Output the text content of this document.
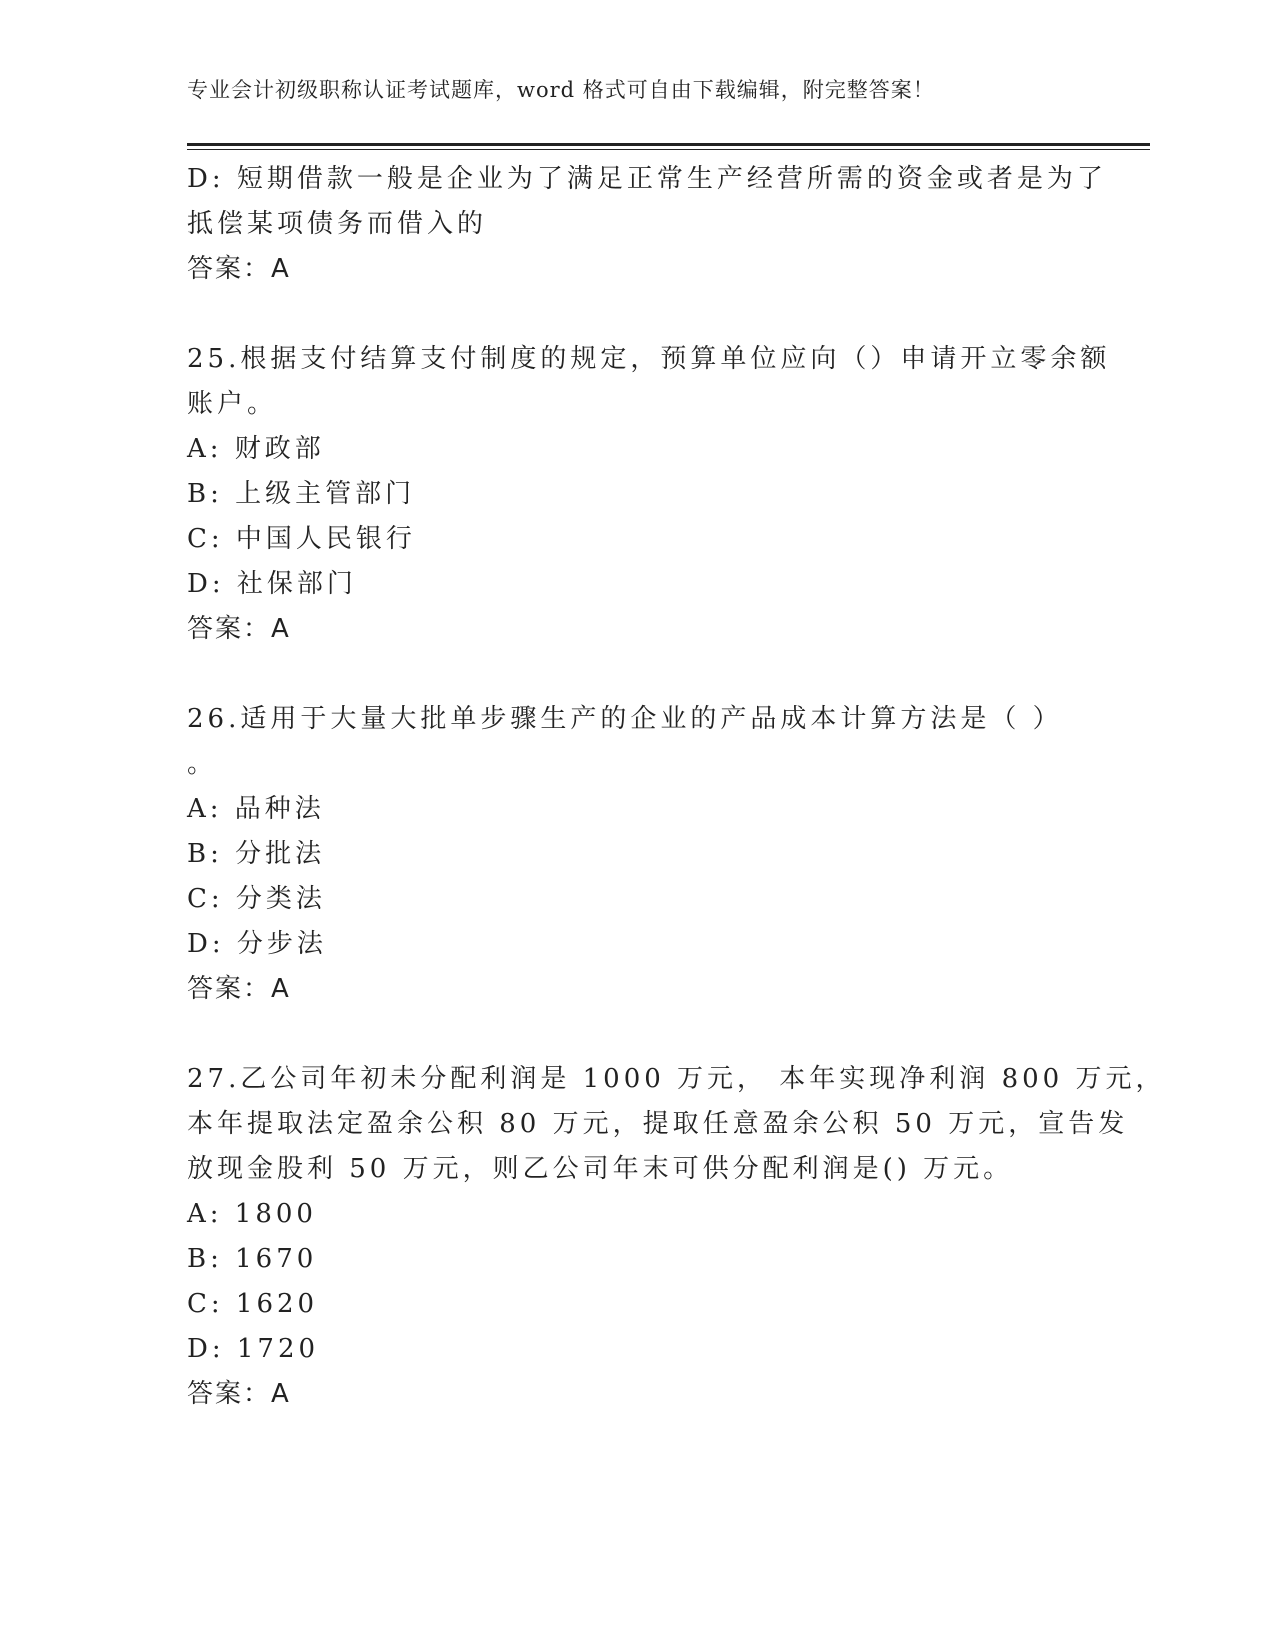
专业会计初级职称认证考试题库，word 格式可自由下载编辑，附完整答案！
D: 短期借款一般是企业为了满足正常生产经营所需的资金或者是为了
抵偿某项债务而借入的
答案：A
25.根据支付结算支付制度的规定，预算单位应向（）申请开立零余额
账户。
A: 财政部
B: 上级主管部门
C: 中国人民银行
D: 社保部门
答案：A
26.适用于大量大批单步骤生产的企业的产品成本计算方法是（ ）
。
A: 品种法
B: 分批法
C: 分类法
D: 分步法
答案：A
27.乙公司年初未分配利润是 1000 万元， 本年实现净利润 800 万元，
本年提取法定盈余公积 80 万元，提取任意盈余公积 50 万元，宣告发
放现金股利 50 万元，则乙公司年末可供分配利润是() 万元。
A: 1800
B: 1670
C: 1620
D: 1720
答案：A
